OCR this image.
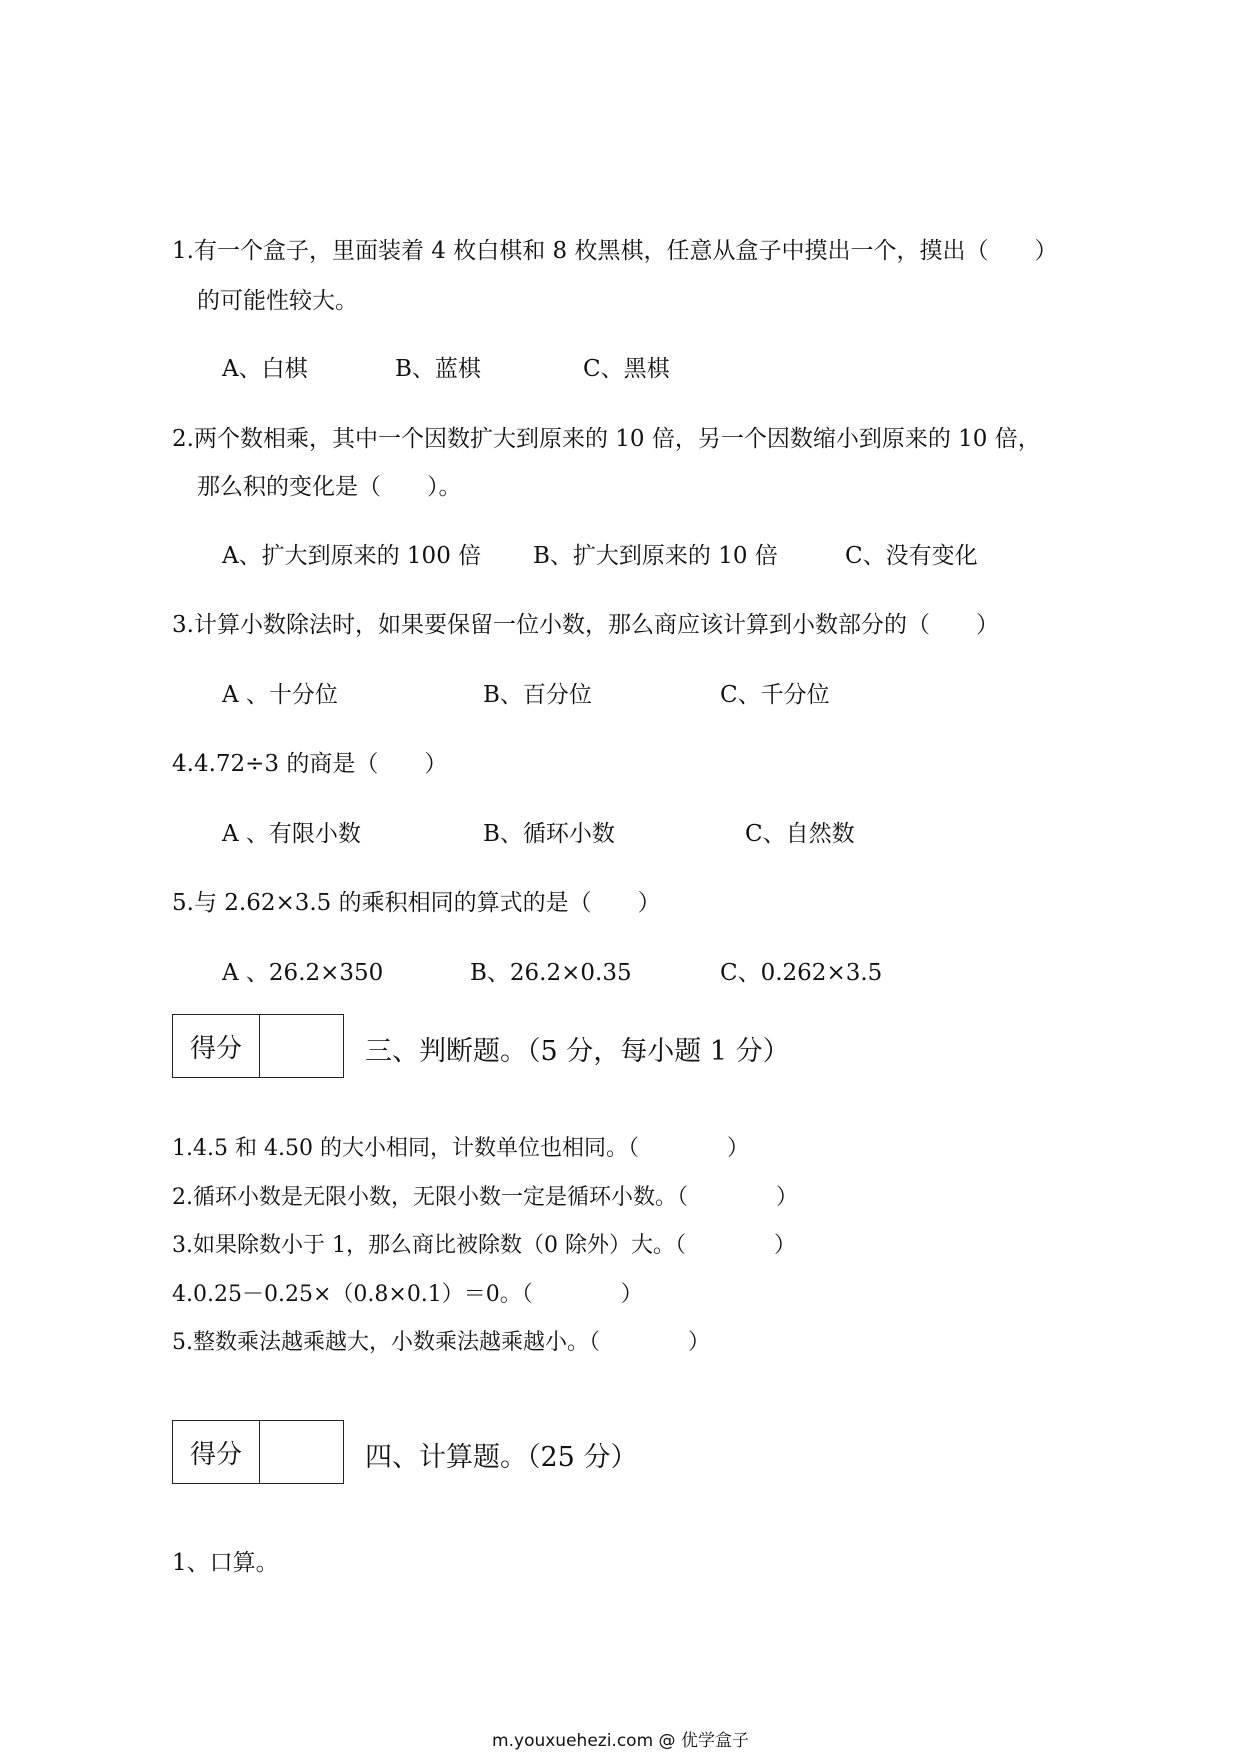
1.有一个盒子，里面装着 4 枚白棋和 8 枚黑棋，任意从盒子中摸出一个，摸出（　　）
的可能性较大。
A、白棋	B、蓝棋	C、黑棋
2.两个数相乘，其中一个因数扩大到原来的 10 倍，另一个因数缩小到原来的 10 倍，
那么积的变化是（　　）。
A、扩大到原来的 100 倍 B、扩大到原来的 10 倍	C、没有变化
3.计算小数除法时，如果要保留一位小数，那么商应该计算到小数部分的（　　）
A 、十分位	B、百分位	C、千分位
4.4.72÷3 的商是（　　）
A 、有限小数	B、循环小数	C、自然数
5.与 2.62×3.5 的乘积相同的算式的是（　　）
A 、26.2×350	B、26.2×0.35	C、0.262×3.5
得分	三、判断题。（5 分，每小题 1 分）
1.4.5 和 4.50 的大小相同，计数单位也相同。（　　　　）
2.循环小数是无限小数，无限小数一定是循环小数。（　　　　）
3.如果除数小于 1，那么商比被除数（0 除外）大。（　　　　）
4.0.25－0.25×（0.8×0.1）＝0。（　　　　）
5.整数乘法越乘越大，小数乘法越乘越小。（　　　　）
得分	四、计算题。（25 分）
1、口算。
m.youxuehezi.com @ 优学盒子
